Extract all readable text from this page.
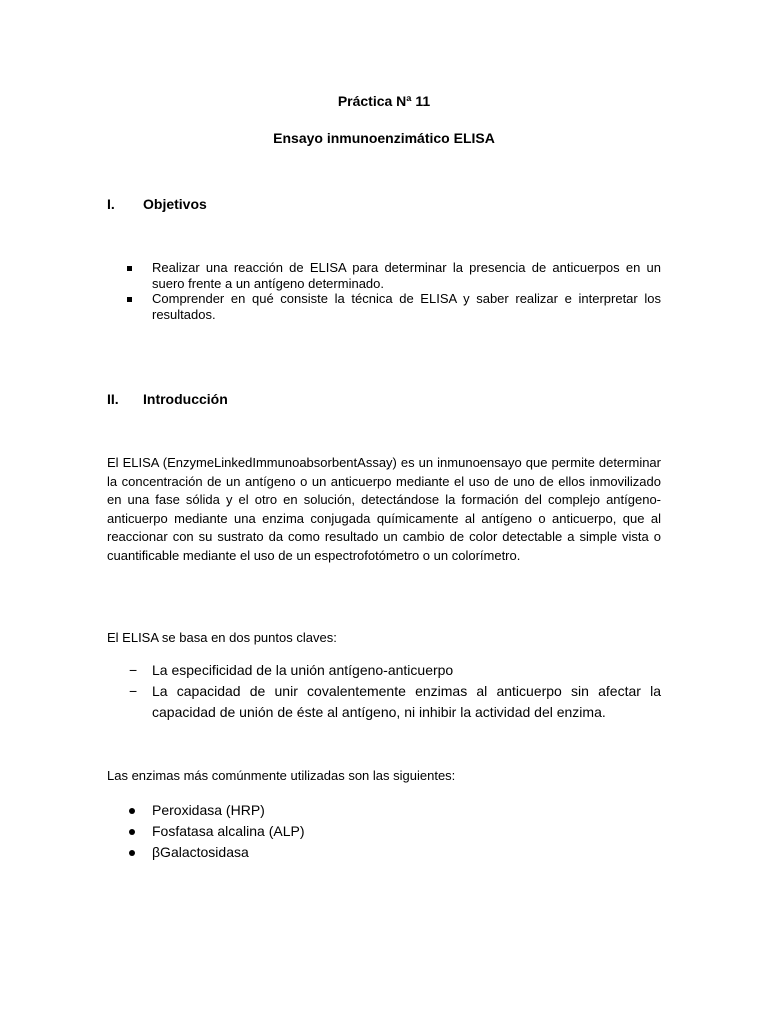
Práctica Nª 11
Ensayo inmunoenzimático ELISA
I. Objetivos
Realizar una reacción de ELISA para determinar la presencia de anticuerpos en un suero frente a un antígeno determinado.
Comprender en qué consiste la técnica de ELISA y saber realizar e interpretar los resultados.
II. Introducción

El ELISA (EnzymeLinkedImmunoabsorbentAssay) es un inmunoensayo que permite determinar la concentración de un antígeno o un anticuerpo mediante el uso de uno de ellos inmovilizado en una fase sólida y el otro en solución, detectándose la formación del complejo antígeno-anticuerpo mediante una enzima conjugada químicamente al antígeno o anticuerpo, que al reaccionar con su sustrato da como resultado un cambio de color detectable a simple vista o cuantificable mediante el uso de un espectrofotómetro o un colorímetro.

El ELISA se basa en dos puntos claves:

− La especificidad de la unión antígeno-anticuerpo
− La capacidad de unir covalentemente enzimas al anticuerpo sin afectar la capacidad de unión de éste al antígeno, ni inhibir la actividad del enzima.

Las enzimas más comúnmente utilizadas son las siguientes:

Peroxidasa (HRP)
Fosfatasa alcalina (ALP)
βGalactosidasa
